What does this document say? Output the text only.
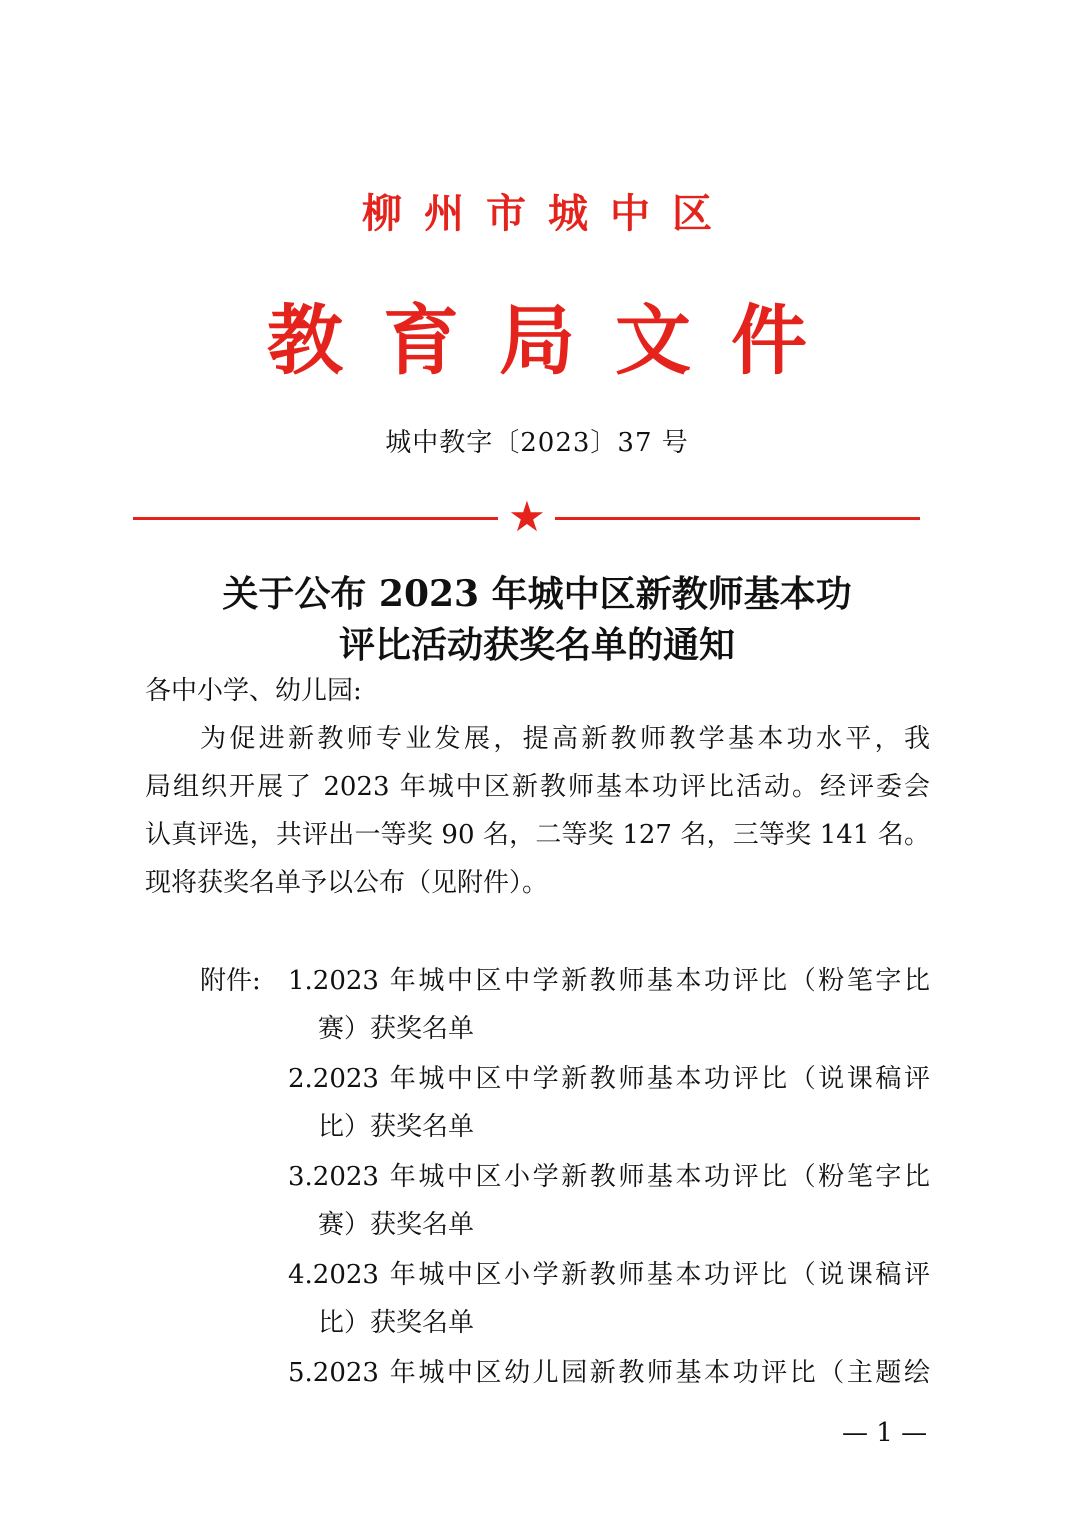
柳州市城中区
教育局文件
城中教字〔2023〕37 号
★
关于公布 2023 年城中区新教师基本功
评比活动获奖名单的通知
各中小学、幼儿园:
为促进新教师专业发展，提高新教师教学基本功水平，我
局组织开展了 2023 年城中区新教师基本功评比活动。经评委会
认真评选，共评出一等奖 90 名，二等奖 127 名，三等奖 141 名。
现将获奖名单予以公布（见附件）。
附件: 1.2023 年城中区中学新教师基本功评比（粉笔字比
赛）获奖名单
2.2023 年城中区中学新教师基本功评比（说课稿评
比）获奖名单
3.2023 年城中区小学新教师基本功评比（粉笔字比
赛）获奖名单
4.2023 年城中区小学新教师基本功评比（说课稿评
比）获奖名单
5.2023 年城中区幼儿园新教师基本功评比（主题绘
— 1 —
